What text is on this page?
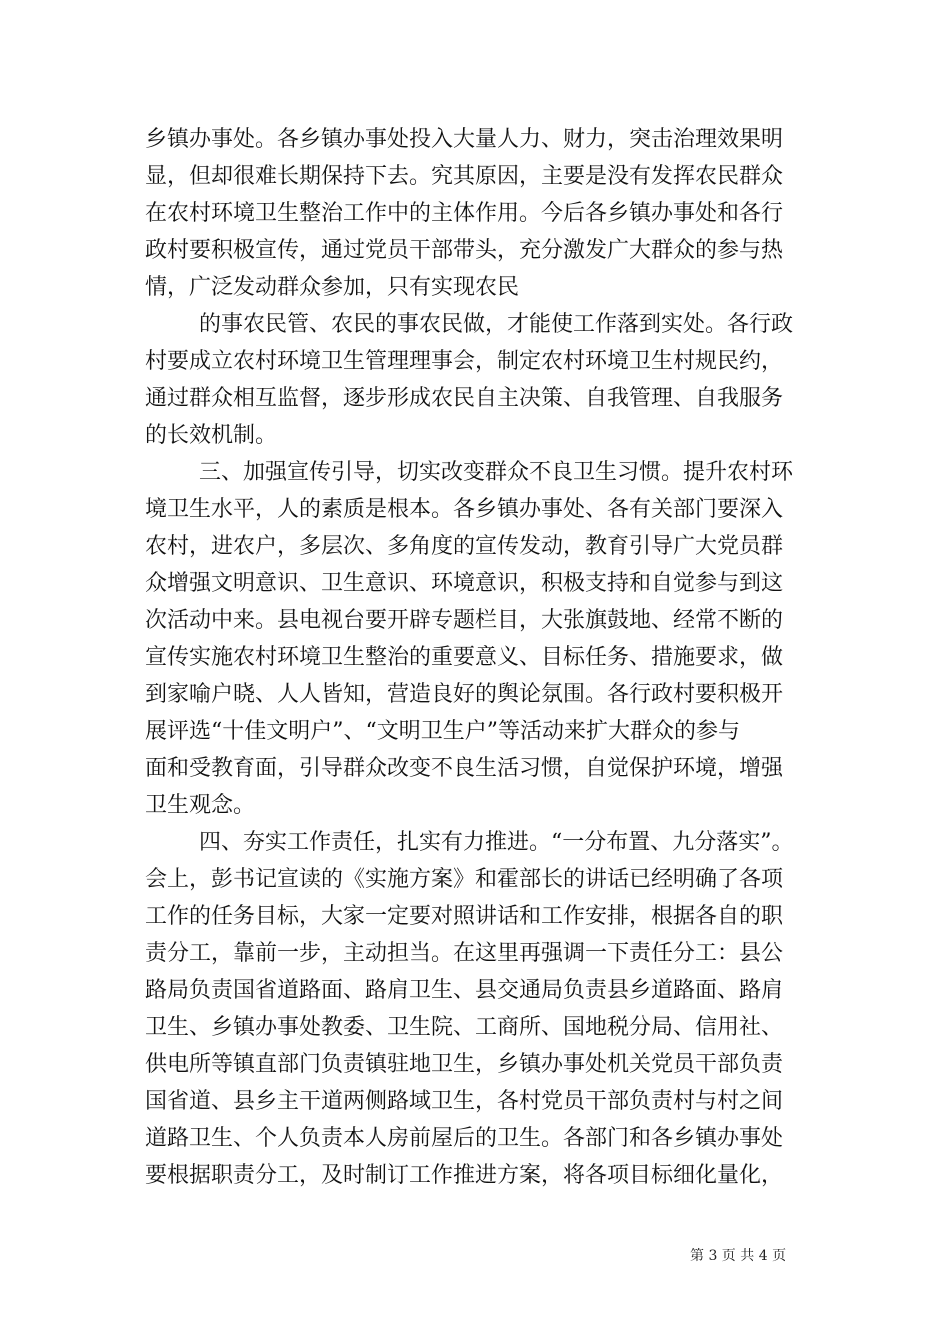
乡镇办事处。各乡镇办事处投入大量人力、财力，突击治理效果明
显，但却很难长期保持下去。究其原因，主要是没有发挥农民群众
在农村环境卫生整治工作中的主体作用。今后各乡镇办事处和各行
政村要积极宣传，通过党员干部带头，充分激发广大群众的参与热
情，广泛发动群众参加，只有实现农民
的事农民管、农民的事农民做，才能使工作落到实处。各行政
村要成立农村环境卫生管理理事会，制定农村环境卫生村规民约，
通过群众相互监督，逐步形成农民自主决策、自我管理、自我服务
的长效机制。
三、加强宣传引导，切实改变群众不良卫生习惯。提升农村环
境卫生水平，人的素质是根本。各乡镇办事处、各有关部门要深入
农村，进农户，多层次、多角度的宣传发动，教育引导广大党员群
众增强文明意识、卫生意识、环境意识，积极支持和自觉参与到这
次活动中来。县电视台要开辟专题栏目，大张旗鼓地、经常不断的
宣传实施农村环境卫生整治的重要意义、目标任务、措施要求，做
到家喻户晓、人人皆知，营造良好的舆论氛围。各行政村要积极开
展评选“十佳文明户”、“文明卫生户”等活动来扩大群众的参与
面和受教育面，引导群众改变不良生活习惯，自觉保护环境，增强
卫生观念。
四、夯实工作责任，扎实有力推进。“一分布置、九分落实”。
会上，彭书记宣读的《实施方案》和霍部长的讲话已经明确了各项
工作的任务目标，大家一定要对照讲话和工作安排，根据各自的职
责分工，靠前一步，主动担当。在这里再强调一下责任分工：县公
路局负责国省道路面、路肩卫生、县交通局负责县乡道路面、路肩
卫生、乡镇办事处教委、卫生院、工商所、国地税分局、信用社、
供电所等镇直部门负责镇驻地卫生，乡镇办事处机关党员干部负责
国省道、县乡主干道两侧路域卫生，各村党员干部负责村与村之间
道路卫生、个人负责本人房前屋后的卫生。各部门和各乡镇办事处
要根据职责分工，及时制订工作推进方案，将各项目标细化量化，
第 3 页 共 4 页
